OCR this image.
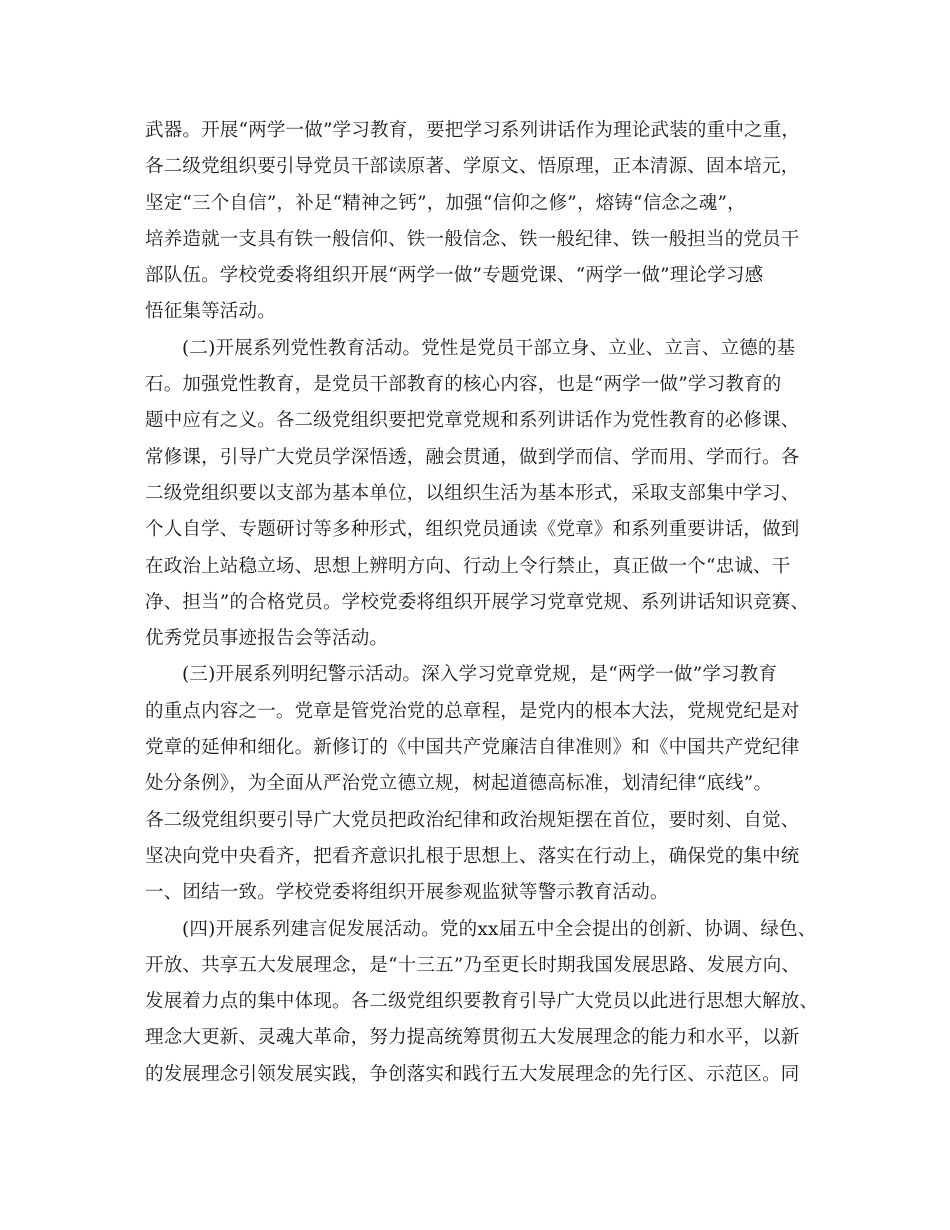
武器。开展“两学一做”学习教育，要把学习系列讲话作为理论武装的重中之重，
各二级党组织要引导党员干部读原著、学原文、悟原理，正本清源、固本培元，
坚定“三个自信”，补足“精神之钙”，加强“信仰之修”，熔铸“信念之魂”，
培养造就一支具有铁一般信仰、铁一般信念、铁一般纪律、铁一般担当的党员干
部队伍。学校党委将组织开展“两学一做”专题党课、“两学一做”理论学习感
悟征集等活动。
(二)开展系列党性教育活动。党性是党员干部立身、立业、立言、立德的基
石。加强党性教育，是党员干部教育的核心内容，也是“两学一做”学习教育的
题中应有之义。各二级党组织要把党章党规和系列讲话作为党性教育的必修课、
常修课，引导广大党员学深悟透，融会贯通，做到学而信、学而用、学而行。各
二级党组织要以支部为基本单位，以组织生活为基本形式，采取支部集中学习、
个人自学、专题研讨等多种形式，组织党员通读《党章》和系列重要讲话，做到
在政治上站稳立场、思想上辨明方向、行动上令行禁止，真正做一个“忠诚、干
净、担当”的合格党员。学校党委将组织开展学习党章党规、系列讲话知识竞赛、
优秀党员事迹报告会等活动。
(三)开展系列明纪警示活动。深入学习党章党规，是“两学一做”学习教育
的重点内容之一。党章是管党治党的总章程，是党内的根本大法，党规党纪是对
党章的延伸和细化。新修订的《中国共产党廉洁自律准则》和《中国共产党纪律
处分条例》，为全面从严治党立德立规，树起道德高标准，划清纪律“底线”。
各二级党组织要引导广大党员把政治纪律和政治规矩摆在首位，要时刻、自觉、
坚决向党中央看齐，把看齐意识扎根于思想上、落实在行动上，确保党的集中统
一、团结一致。学校党委将组织开展参观监狱等警示教育活动。
(四)开展系列建言促发展活动。党的xx届五中全会提出的创新、协调、绿色、
开放、共享五大发展理念，是“十三五”乃至更长时期我国发展思路、发展方向、
发展着力点的集中体现。各二级党组织要教育引导广大党员以此进行思想大解放、
理念大更新、灵魂大革命，努力提高统筹贯彻五大发展理念的能力和水平，以新
的发展理念引领发展实践，争创落实和践行五大发展理念的先行区、示范区。同
